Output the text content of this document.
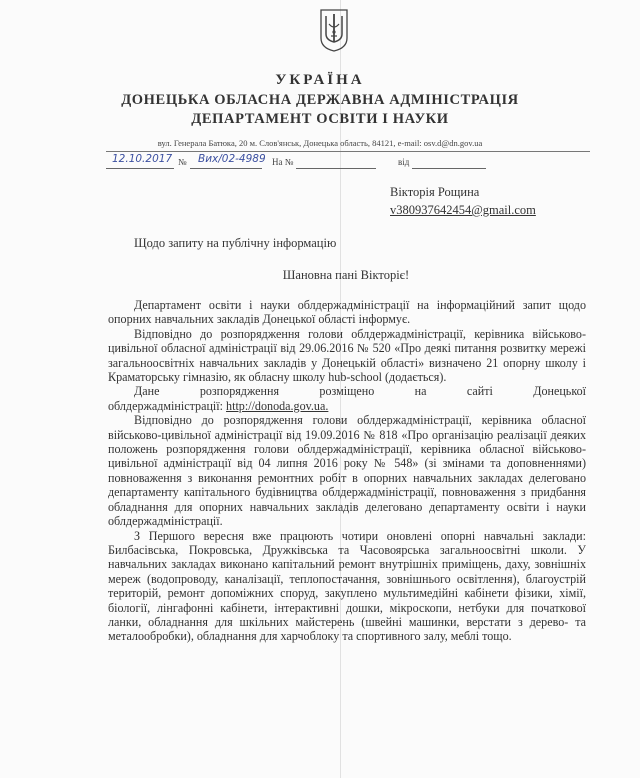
УКРАЇНА
ДОНЕЦЬКА ОБЛАСНА ДЕРЖАВНА АДМІНІСТРАЦІЯ
ДЕПАРТАМЕНТ ОСВІТИ І НАУКИ
вул. Генерала Батюка, 20 м. Слов'янськ, Донецька область, 84121, e-mail: osv.d@dn.gov.ua
12.10.2017 № Вих/02-4989 На №	від
Вікторія Рощина
v380937642454@gmail.com
Щодо запиту на публічну інформацію
Шановна пані Вікторіє!

Департамент освіти і науки облдержадміністрації на інформаційний запит щодо опорних навчальних закладів Донецької області інформує.

Відповідно до розпорядження голови облдержадміністрації, керівника військово-цивільної обласної адміністрації від 29.06.2016 № 520 «Про деякі питання розвитку мережі загальноосвітніх навчальних закладів у Донецькій області» визначено 21 опорну школу і Краматорську гімназію, як обласну школу hub-school (додається).

Дане	розпорядження	розміщено	на	сайті	Донецької
облдержадміністрації: http://donoda.gov.ua.

Відповідно до розпорядження голови облдержадміністрації, керівника обласної військово-цивільної адміністрації від 19.09.2016 № 818 «Про організацію реалізації деяких положень розпорядження голови облдержадміністрації, керівника обласної військово-цивільної адміністрації від 04 липня 2016 року № 548» (зі змінами та доповненнями) повноваження з виконання ремонтних робіт в опорних навчальних закладах делеговано департаменту капітального будівництва облдержадміністрації, повноваження з придбання обладнання для опорних навчальних закладів делеговано департаменту освіти і науки облдержадміністрації.

З Першого вересня вже працюють чотири оновлені опорні навчальні заклади: Билбасівська, Покровська, Дружківська та Часовоярська загальноосвітні школи. У навчальних закладах виконано капітальний ремонт внутрішніх приміщень, даху, зовнішніх мереж (водопроводу, каналізації, теплопостачання, зовнішнього освітлення), благоустрій територій, ремонт допоміжних споруд, закуплено мультимедійні кабінети фізики, хімії, біології, лінгафонні кабінети, інтерактивні дошки, мікроскопи, нетбуки для початкової ланки, обладнання для шкільних майстерень (швейні машинки, верстати з дерево- та металообробки), обладнання для харчоблоку та спортивного залу, меблі тощо.
